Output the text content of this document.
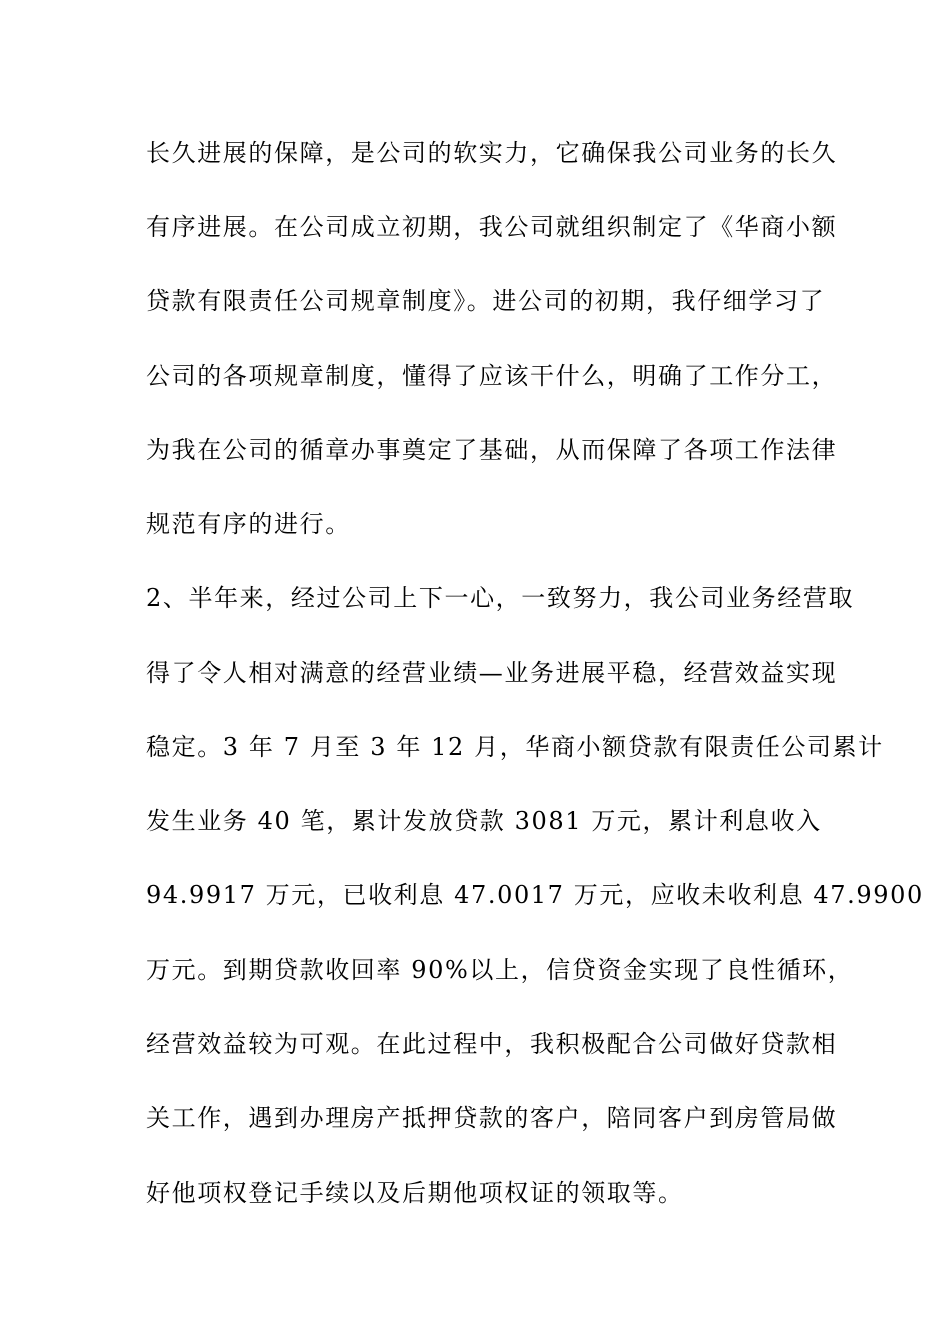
长久进展的保障，是公司的软实力，它确保我公司业务的长久
有序进展。在公司成立初期，我公司就组织制定了《华商小额
贷款有限责任公司规章制度》。进公司的初期，我仔细学习了
公司的各项规章制度，懂得了应该干什么，明确了工作分工，
为我在公司的循章办事奠定了基础，从而保障了各项工作法律
规范有序的进行。
2、半年来，经过公司上下一心，一致努力，我公司业务经营取
得了令人相对满意的经营业绩—业务进展平稳，经营效益实现
稳定。3 年 7 月至 3 年 12 月，华商小额贷款有限责任公司累计
发生业务 40 笔，累计发放贷款 3081 万元，累计利息收入
94.9917 万元，已收利息 47.0017 万元，应收未收利息 47.9900
万元。到期贷款收回率 90%以上，信贷资金实现了良性循环，
经营效益较为可观。在此过程中，我积极配合公司做好贷款相
关工作，遇到办理房产抵押贷款的客户，陪同客户到房管局做
好他项权登记手续以及后期他项权证的领取等。
